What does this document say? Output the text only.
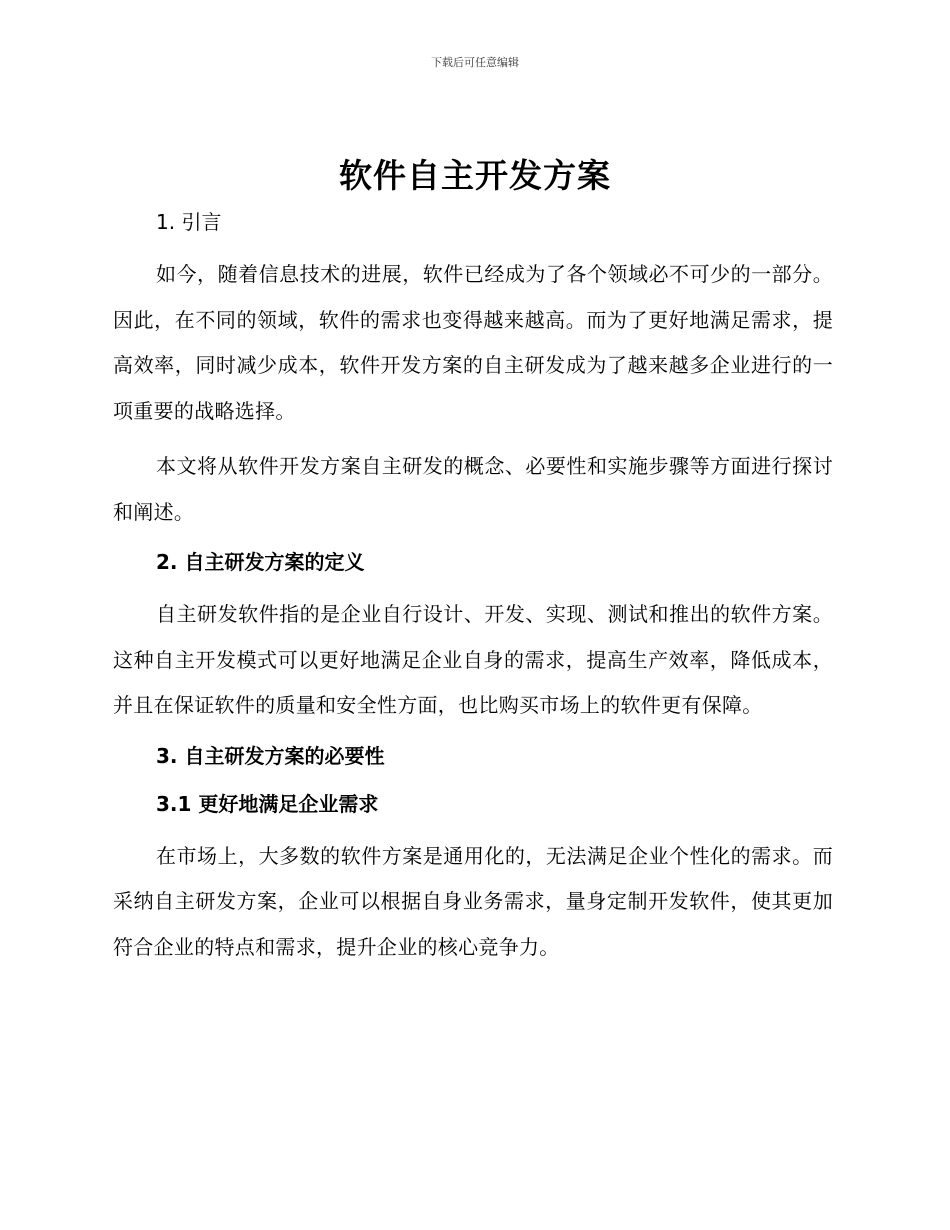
下载后可任意编辑
软件自主开发方案
1. 引言

如今，随着信息技术的进展，软件已经成为了各个领域必不可少的一部分。因此，在不同的领域，软件的需求也变得越来越高。而为了更好地满足需求，提高效率，同时减少成本，软件开发方案的自主研发成为了越来越多企业进行的一项重要的战略选择。

本文将从软件开发方案自主研发的概念、必要性和实施步骤等方面进行探讨和阐述。

2. 自主研发方案的定义

自主研发软件指的是企业自行设计、开发、实现、测试和推出的软件方案。这种自主开发模式可以更好地满足企业自身的需求，提高生产效率，降低成本，并且在保证软件的质量和安全性方面，也比购买市场上的软件更有保障。

3. 自主研发方案的必要性
3.1 更好地满足企业需求

在市场上，大多数的软件方案是通用化的，无法满足企业个性化的需求。而采纳自主研发方案，企业可以根据自身业务需求，量身定制开发软件，使其更加符合企业的特点和需求，提升企业的核心竞争力。
